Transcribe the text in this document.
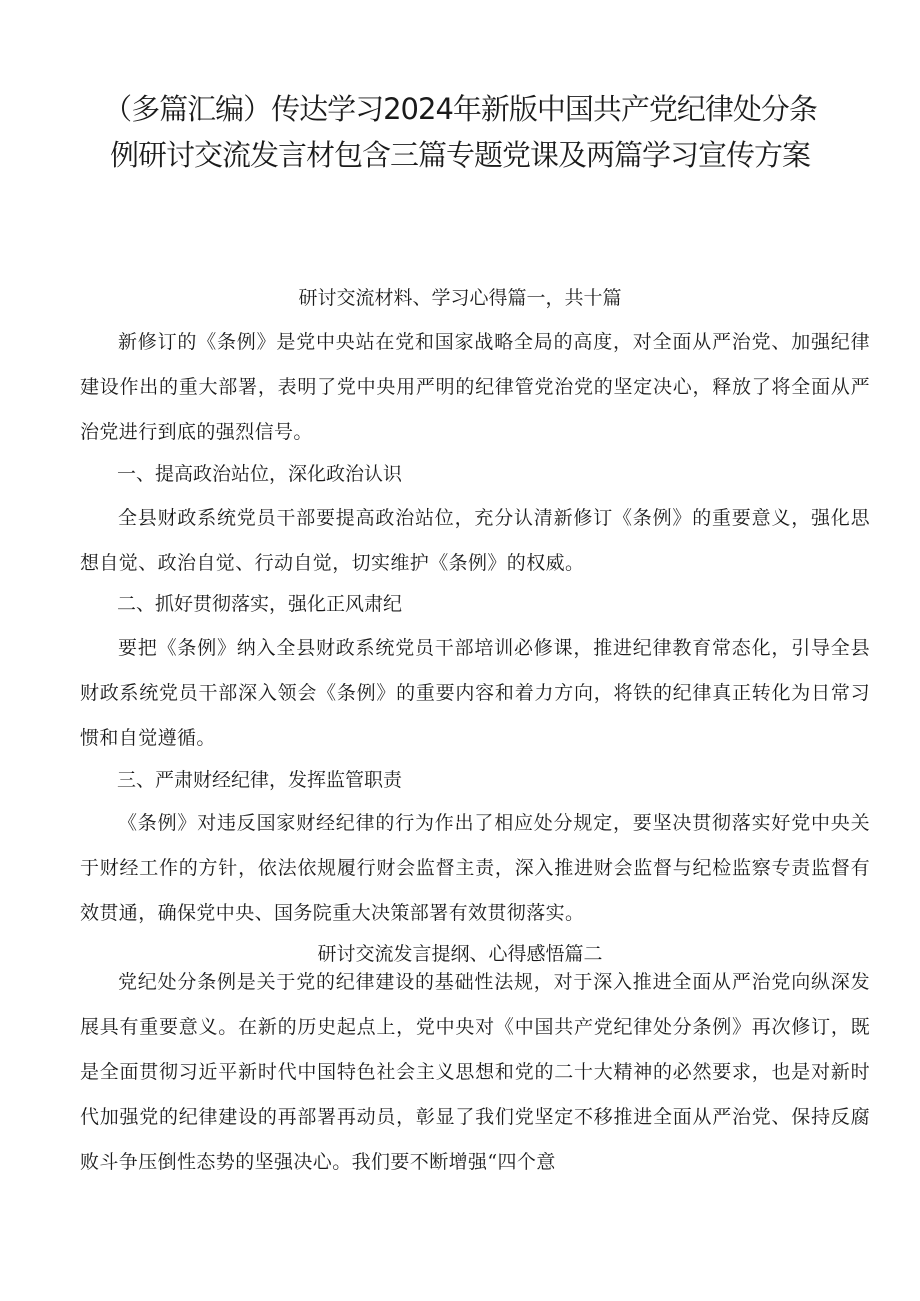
（多篇汇编）传达学习2024年新版中国共产党纪律处分条例研讨交流发言材包含三篇专题党课及两篇学习宣传方案

研讨交流材料、学习心得篇一，共十篇

新修订的《条例》是党中央站在党和国家战略全局的高度，对全面从严治党、加强纪律建设作出的重大部署，表明了党中央用严明的纪律管党治党的坚定决心，释放了将全面从严治党进行到底的强烈信号。

一、提高政治站位，深化政治认识

全县财政系统党员干部要提高政治站位，充分认清新修订《条例》的重要意义，强化思想自觉、政治自觉、行动自觉，切实维护《条例》的权威。

二、抓好贯彻落实，强化正风肃纪

要把《条例》纳入全县财政系统党员干部培训必修课，推进纪律教育常态化，引导全县财政系统党员干部深入领会《条例》的重要内容和着力方向，将铁的纪律真正转化为日常习惯和自觉遵循。

三、严肃财经纪律，发挥监管职责

《条例》对违反国家财经纪律的行为作出了相应处分规定，要坚决贯彻落实好党中央关于财经工作的方针，依法依规履行财会监督主责，深入推进财会监督与纪检监察专责监督有效贯通，确保党中央、国务院重大决策部署有效贯彻落实。

研讨交流发言提纲、心得感悟篇二

党纪处分条例是关于党的纪律建设的基础性法规，对于深入推进全面从严治党向纵深发展具有重要意义。在新的历史起点上，党中央对《中国共产党纪律处分条例》再次修订，既是全面贯彻习近平新时代中国特色社会主义思想和党的二十大精神的必然要求，也是对新时代加强党的纪律建设的再部署再动员，彰显了我们党坚定不移推进全面从严治党、保持反腐败斗争压倒性态势的坚强决心。我们要不断增强“四个意
